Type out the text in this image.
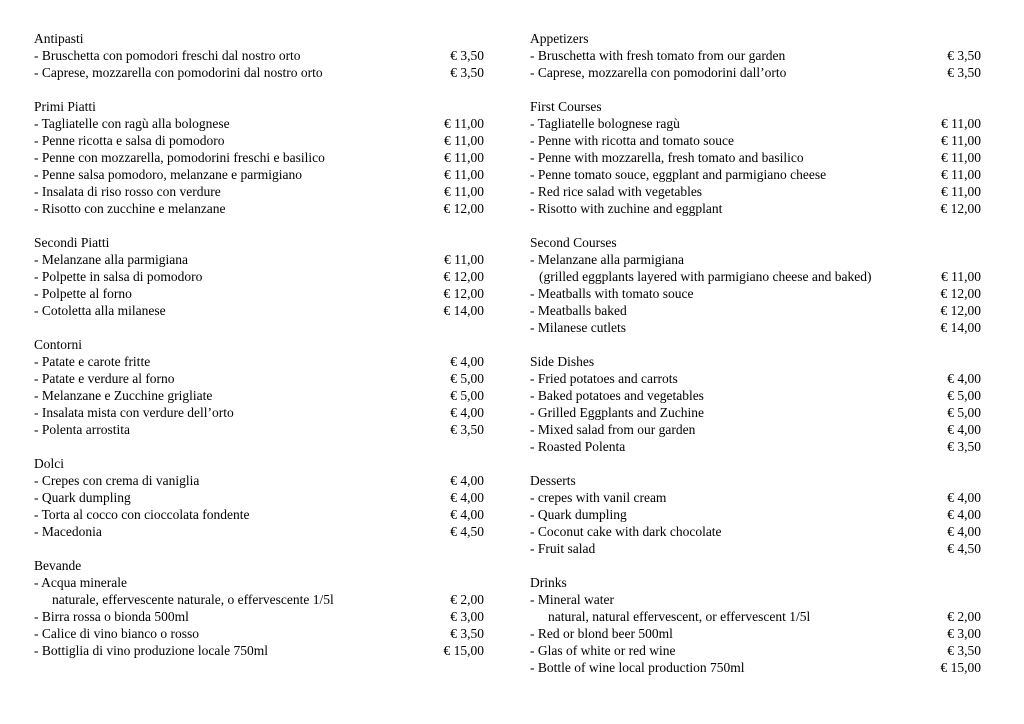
Antipasti
- Bruschetta con pomodori freschi dal nostro orto	€ 3,50
- Caprese, mozzarella con pomodorini dal nostro orto	€ 3,50
Primi Piatti
- Tagliatelle con ragù alla bolognese	€ 11,00
- Penne ricotta e salsa di pomodoro	€ 11,00
- Penne con mozzarella, pomodorini freschi e basilico	€ 11,00
- Penne salsa pomodoro, melanzane e parmigiano	€ 11,00
- Insalata di riso rosso con verdure	€ 11,00
- Risotto con zucchine e melanzane	€ 12,00
Secondi Piatti
- Melanzane alla parmigiana	€ 11,00
- Polpette in salsa di pomodoro	€ 12,00
- Polpette al forno	€ 12,00
- Cotoletta alla milanese	€ 14,00
Contorni
- Patate e carote fritte	€ 4,00
- Patate e verdure al forno	€ 5,00
- Melanzane e Zucchine grigliate	€ 5,00
- Insalata mista con verdure dell’orto	€ 4,00
- Polenta arrostita	€ 3,50
Dolci
- Crepes con crema di vaniglia	€ 4,00
- Quark dumpling	€ 4,00
- Torta al cocco con cioccolata fondente	€ 4,00
- Macedonia	€ 4,50
Bevande
- Acqua minerale
naturale, effervescente naturale, o effervescente 1/5l	€ 2,00
- Birra rossa o bionda 500ml	€ 3,00
- Calice di vino bianco o rosso	€ 3,50
- Bottiglia di vino produzione locale 750ml	€ 15,00
Appetizers
- Bruschetta with fresh tomato from our garden	€ 3,50
- Caprese, mozzarella con pomodorini dall’orto	€ 3,50
First Courses
- Tagliatelle bolognese ragù	€ 11,00
- Penne with ricotta and tomato souce	€ 11,00
- Penne with mozzarella, fresh tomato and basilico	€ 11,00
- Penne tomato souce, eggplant and parmigiano cheese	€ 11,00
- Red rice salad with vegetables	€ 11,00
- Risotto with zuchine and eggplant	€ 12,00
Second Courses
- Melanzane alla parmigiana
(grilled eggplants layered with parmigiano cheese and baked)	€ 11,00
- Meatballs with tomato souce	€ 12,00
- Meatballs baked	€ 12,00
- Milanese cutlets	€ 14,00
Side Dishes
- Fried potatoes and carrots	€ 4,00
- Baked potatoes and vegetables	€ 5,00
- Grilled Eggplants and Zuchine	€ 5,00
- Mixed salad from our garden	€ 4,00
- Roasted Polenta	€ 3,50
Desserts
- crepes with vanil cream	€ 4,00
- Quark dumpling	€ 4,00
- Coconut cake with dark chocolate	€ 4,00
- Fruit salad	€ 4,50
Drinks
- Mineral water
natural, natural effervescent, or effervescent 1/5l	€ 2,00
- Red or blond beer 500ml	€ 3,00
- Glas of white or red wine	€ 3,50
- Bottle of wine local production 750ml	€ 15,00
